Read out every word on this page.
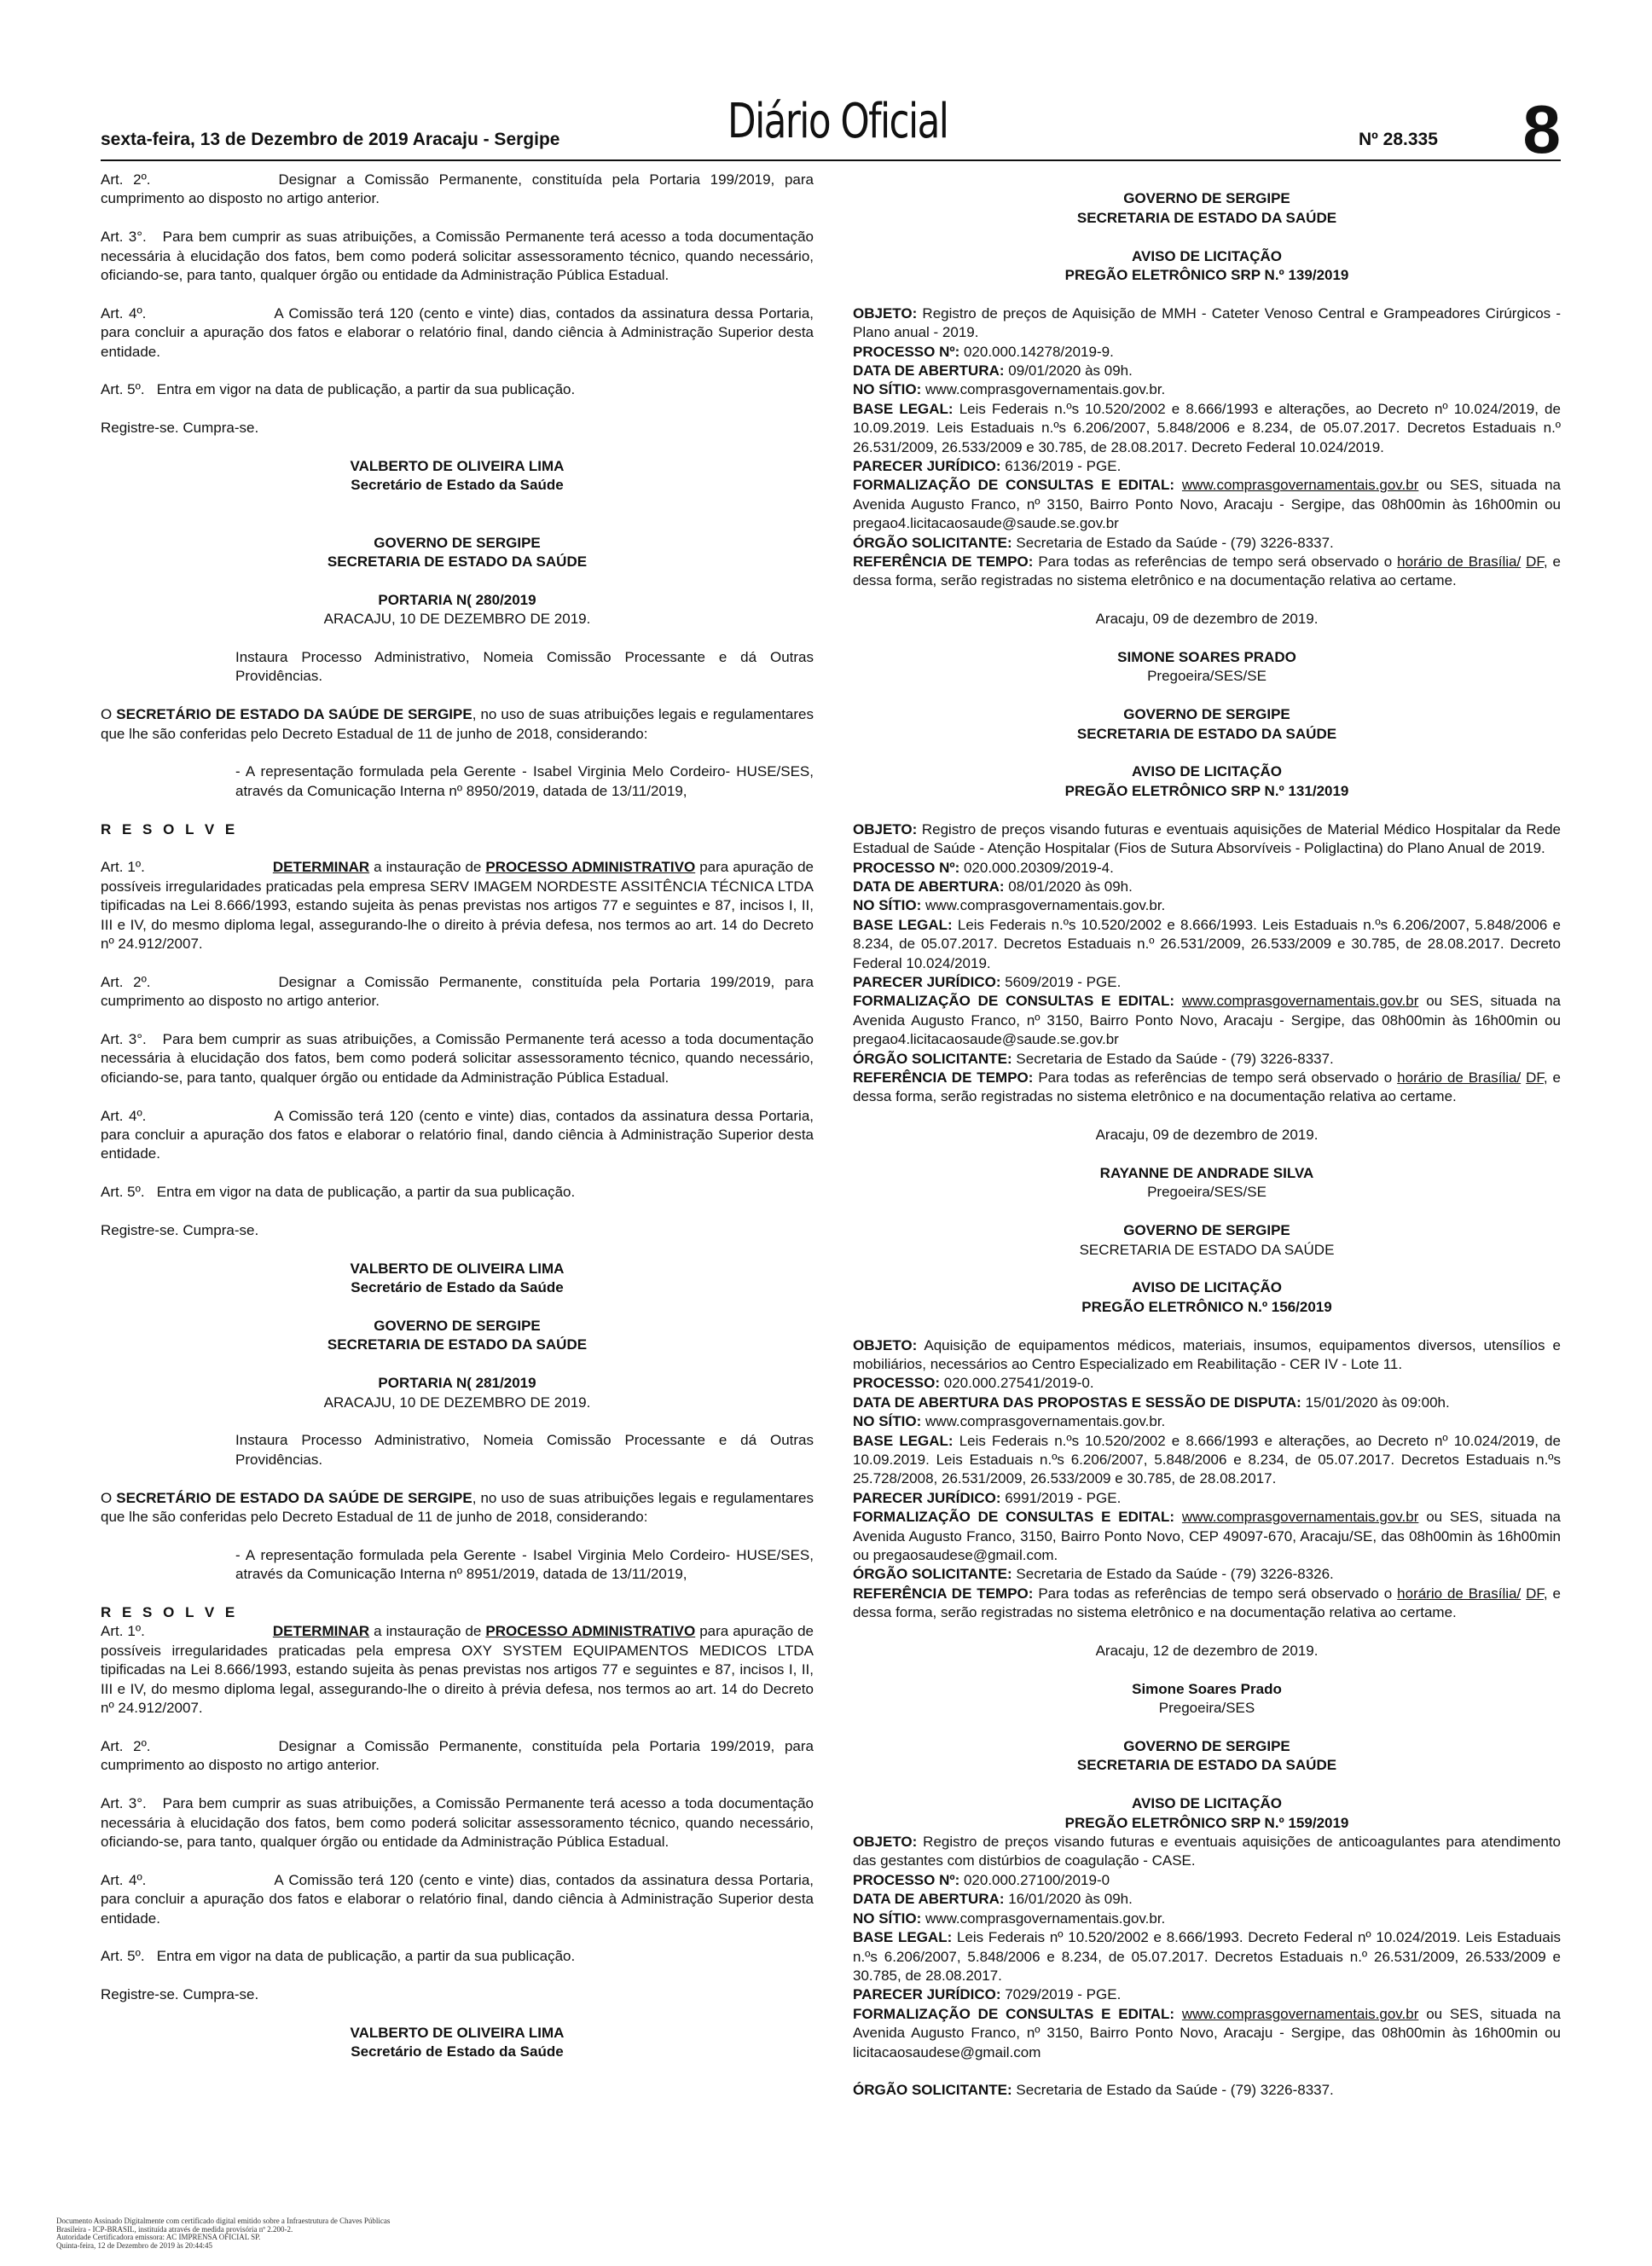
sexta-feira, 13 de Dezembro de 2019 Aracaju - Sergipe	Diário Oficial	Nº 28.335 8

Art. 2º.	Designar a Comissão Permanente, constituída pela Portaria 199/2019, para cumprimento ao disposto no artigo anterior.

Art. 3°. Para bem cumprir as suas atribuições, a Comissão Permanente terá acesso a toda documentação necessária à elucidação dos fatos, bem como poderá solicitar assessoramento técnico, quando necessário, oficiando-se, para tanto, qualquer órgão ou entidade da Administração Pública Estadual.

Art. 4º.	A Comissão terá 120 (cento e vinte) dias, contados da assinatura dessa Portaria, para concluir a apuração dos fatos e elaborar o relatório final, dando ciência à Administração Superior desta entidade.

Art. 5º. Entra em vigor na data de publicação, a partir da sua publicação.

Registre-se. Cumpra-se.

VALBERTO DE OLIVEIRA LIMA

Secretário de Estado da Saúde

GOVERNO DE SERGIPE

SECRETARIA DE ESTADO DA SAÚDE

PORTARIA N( 280/2019

ARACAJU, 10 DE DEZEMBRO DE 2019.

Instaura Processo Administrativo, Nomeia Comissão Processante e dá Outras Providências.

O SECRETÁRIO DE ESTADO DA SAÚDE DE SERGIPE, no uso de suas atribuições legais e regulamentares que lhe são conferidas pelo Decreto Estadual de 11 de junho de 2018, considerando:

- A representação formulada pela Gerente - Isabel Virginia Melo Cordeiro- HUSE/SES, através da Comunicação Interna nº 8950/2019, datada de 13/11/2019,

R E S O L V E

Art. 1º.	DETERMINAR a instauração de PROCESSO ADMINISTRATIVO para apuração de possíveis irregularidades praticadas pela empresa SERV IMAGEM NORDESTE ASSITÊNCIA TÉCNICA LTDA tipificadas na Lei 8.666/1993, estando sujeita às penas previstas nos artigos 77 e seguintes e 87, incisos I, II, III e IV, do mesmo diploma legal, assegurando-lhe o direito à prévia defesa, nos termos ao art. 14 do Decreto nº 24.912/2007.

Art. 2º.	Designar a Comissão Permanente, constituída pela Portaria 199/2019, para cumprimento ao disposto no artigo anterior.

Art. 3°. Para bem cumprir as suas atribuições, a Comissão Permanente terá acesso a toda documentação necessária à elucidação dos fatos, bem como poderá solicitar assessoramento técnico, quando necessário, oficiando-se, para tanto, qualquer órgão ou entidade da Administração Pública Estadual.

Art. 4º.	A Comissão terá 120 (cento e vinte) dias, contados da assinatura dessa Portaria, para concluir a apuração dos fatos e elaborar o relatório final, dando ciência à Administração Superior desta entidade.

Art. 5º. Entra em vigor na data de publicação, a partir da sua publicação.

Registre-se. Cumpra-se.

VALBERTO DE OLIVEIRA LIMA

Secretário de Estado da Saúde

GOVERNO DE SERGIPE

SECRETARIA DE ESTADO DA SAÚDE

PORTARIA N( 281/2019

ARACAJU, 10 DE DEZEMBRO DE 2019.

Instaura Processo Administrativo, Nomeia Comissão Processante e dá Outras Providências.

O SECRETÁRIO DE ESTADO DA SAÚDE DE SERGIPE, no uso de suas atribuições legais e regulamentares que lhe são conferidas pelo Decreto Estadual de 11 de junho de 2018, considerando:

- A representação formulada pela Gerente - Isabel Virginia Melo Cordeiro- HUSE/SES, através da Comunicação Interna nº 8951/2019, datada de 13/11/2019,

R E S O L V E

Art. 1º.	DETERMINAR a instauração de PROCESSO ADMINISTRATIVO para apuração de possíveis irregularidades praticadas pela empresa OXY SYSTEM EQUIPAMENTOS MEDICOS LTDA tipificadas na Lei 8.666/1993, estando sujeita às penas previstas nos artigos 77 e seguintes e 87, incisos I, II, III e IV, do mesmo diploma legal, assegurando-lhe o direito à prévia defesa, nos termos ao art. 14 do Decreto nº 24.912/2007.

Art. 2º.	Designar a Comissão Permanente, constituída pela Portaria 199/2019, para cumprimento ao disposto no artigo anterior.

Art. 3°. Para bem cumprir as suas atribuições, a Comissão Permanente terá acesso a toda documentação necessária à elucidação dos fatos, bem como poderá solicitar assessoramento técnico, quando necessário, oficiando-se, para tanto, qualquer órgão ou entidade da Administração Pública Estadual.

Art. 4º.	A Comissão terá 120 (cento e vinte) dias, contados da assinatura dessa Portaria, para concluir a apuração dos fatos e elaborar o relatório final, dando ciência à Administração Superior desta entidade.

Art. 5º. Entra em vigor na data de publicação, a partir da sua publicação.

Registre-se. Cumpra-se.

VALBERTO DE OLIVEIRA LIMA

Secretário de Estado da Saúde

GOVERNO DE SERGIPE

SECRETARIA DE ESTADO DA SAÚDE

AVISO DE LICITAÇÃO

PREGÃO ELETRÔNICO SRP N.º 139/2019

OBJETO: Registro de preços de Aquisição de MMH - Cateter Venoso Central e Grampeadores Cirúrgicos - Plano anual - 2019.

PROCESSO Nº: 020.000.14278/2019-9.

DATA DE ABERTURA: 09/01/2020 às 09h.

NO SÍTIO: www.comprasgovernamentais.gov.br.

BASE LEGAL: Leis Federais n.ºs 10.520/2002 e 8.666/1993 e alterações, ao Decreto nº 10.024/2019, de 10.09.2019. Leis Estaduais n.ºs 6.206/2007, 5.848/2006 e 8.234, de 05.07.2017. Decretos Estaduais n.º 26.531/2009, 26.533/2009 e 30.785, de 28.08.2017. Decreto Federal 10.024/2019.

PARECER JURÍDICO: 6136/2019 - PGE.

FORMALIZAÇÃO DE CONSULTAS E EDITAL: www.comprasgovernamentais.gov.br ou SES, situada na Avenida Augusto Franco, nº 3150, Bairro Ponto Novo, Aracaju - Sergipe, das 08h00min às 16h00min ou pregao4.licitacaosaude@saude.se.gov.br

ÓRGÃO SOLICITANTE: Secretaria de Estado da Saúde - (79) 3226-8337.

REFERÊNCIA DE TEMPO: Para todas as referências de tempo será observado o horário de Brasília/ DF, e dessa forma, serão registradas no sistema eletrônico e na documentação relativa ao certame.

Aracaju, 09 de dezembro de 2019.

SIMONE SOARES PRADO

Pregoeira/SES/SE

GOVERNO DE SERGIPE

SECRETARIA DE ESTADO DA SAÚDE

AVISO DE LICITAÇÃO

PREGÃO ELETRÔNICO SRP N.º 131/2019

OBJETO: Registro de preços visando futuras e eventuais aquisições de Material Médico Hospitalar da Rede Estadual de Saúde - Atenção Hospitalar (Fios de Sutura Absorvíveis - Poliglactina) do Plano Anual de 2019.

PROCESSO Nº: 020.000.20309/2019-4.

DATA DE ABERTURA: 08/01/2020 às 09h.

NO SÍTIO: www.comprasgovernamentais.gov.br.

BASE LEGAL: Leis Federais n.ºs 10.520/2002 e 8.666/1993. Leis Estaduais n.ºs 6.206/2007, 5.848/2006 e 8.234, de 05.07.2017. Decretos Estaduais n.º 26.531/2009, 26.533/2009 e 30.785, de 28.08.2017. Decreto Federal 10.024/2019.

PARECER JURÍDICO: 5609/2019 - PGE.

FORMALIZAÇÃO DE CONSULTAS E EDITAL: www.comprasgovernamentais.gov.br ou SES, situada na Avenida Augusto Franco, nº 3150, Bairro Ponto Novo, Aracaju - Sergipe, das 08h00min às 16h00min ou pregao4.licitacaosaude@saude.se.gov.br

ÓRGÃO SOLICITANTE: Secretaria de Estado da Saúde - (79) 3226-8337.

REFERÊNCIA DE TEMPO: Para todas as referências de tempo será observado o horário de Brasília/ DF, e dessa forma, serão registradas no sistema eletrônico e na documentação relativa ao certame.

Aracaju, 09 de dezembro de 2019.

RAYANNE DE ANDRADE SILVA

Pregoeira/SES/SE

GOVERNO DE SERGIPE

SECRETARIA DE ESTADO DA SAÚDE

AVISO DE LICITAÇÃO

PREGÃO ELETRÔNICO N.º 156/2019

OBJETO: Aquisição de equipamentos médicos, materiais, insumos, equipamentos diversos, utensílios e mobiliários, necessários ao Centro Especializado em Reabilitação - CER IV - Lote 11.

PROCESSO: 020.000.27541/2019-0.

DATA DE ABERTURA DAS PROPOSTAS E SESSÃO DE DISPUTA: 15/01/2020 às 09:00h.

NO SÍTIO: www.comprasgovernamentais.gov.br.

BASE LEGAL: Leis Federais n.ºs 10.520/2002 e 8.666/1993 e alterações, ao Decreto nº 10.024/2019, de 10.09.2019. Leis Estaduais n.ºs 6.206/2007, 5.848/2006 e 8.234, de 05.07.2017. Decretos Estaduais n.ºs 25.728/2008, 26.531/2009, 26.533/2009 e 30.785, de 28.08.2017.

PARECER JURÍDICO: 6991/2019 - PGE.

FORMALIZAÇÃO DE CONSULTAS E EDITAL: www.comprasgovernamentais.gov.br ou SES, situada na Avenida Augusto Franco, 3150, Bairro Ponto Novo, CEP 49097-670, Aracaju/SE, das 08h00min às 16h00min ou pregaosaudese@gmail.com.

ÓRGÃO SOLICITANTE: Secretaria de Estado da Saúde - (79) 3226-8326.

REFERÊNCIA DE TEMPO: Para todas as referências de tempo será observado o horário de Brasília/ DF, e dessa forma, serão registradas no sistema eletrônico e na documentação relativa ao certame.

Aracaju, 12 de dezembro de 2019.

Simone Soares Prado

Pregoeira/SES

GOVERNO DE SERGIPE

SECRETARIA DE ESTADO DA SAÚDE

AVISO DE LICITAÇÃO

PREGÃO ELETRÔNICO SRP N.º 159/2019

OBJETO: Registro de preços visando futuras e eventuais aquisições de anticoagulantes para atendimento das gestantes com distúrbios de coagulação - CASE.

PROCESSO Nº: 020.000.27100/2019-0

DATA DE ABERTURA: 16/01/2020 às 09h.

NO SÍTIO: www.comprasgovernamentais.gov.br.

BASE LEGAL: Leis Federais nº 10.520/2002 e 8.666/1993. Decreto Federal nº 10.024/2019. Leis Estaduais n.ºs 6.206/2007, 5.848/2006 e 8.234, de 05.07.2017. Decretos Estaduais n.º 26.531/2009, 26.533/2009 e 30.785, de 28.08.2017.

PARECER JURÍDICO: 7029/2019 - PGE.

FORMALIZAÇÃO DE CONSULTAS E EDITAL: www.comprasgovernamentais.gov.br ou SES, situada na Avenida Augusto Franco, nº 3150, Bairro Ponto Novo, Aracaju - Sergipe, das 08h00min às 16h00min ou licitacaosaudese@gmail.com

ÓRGÃO SOLICITANTE: Secretaria de Estado da Saúde - (79) 3226-8337.

Documento Assinado Digitalmente com certificado digital emitido sobre a Infraestrutura de Chaves Públicas
Brasileira - ICP-BRASIL, instituída através de medida provisória nº 2.200-2.
Autoridade Certificadora emissora: AC IMPRENSA OFICIAL SP.
Quinta-feira, 12 de Dezembro de 2019 às 20:44:45
